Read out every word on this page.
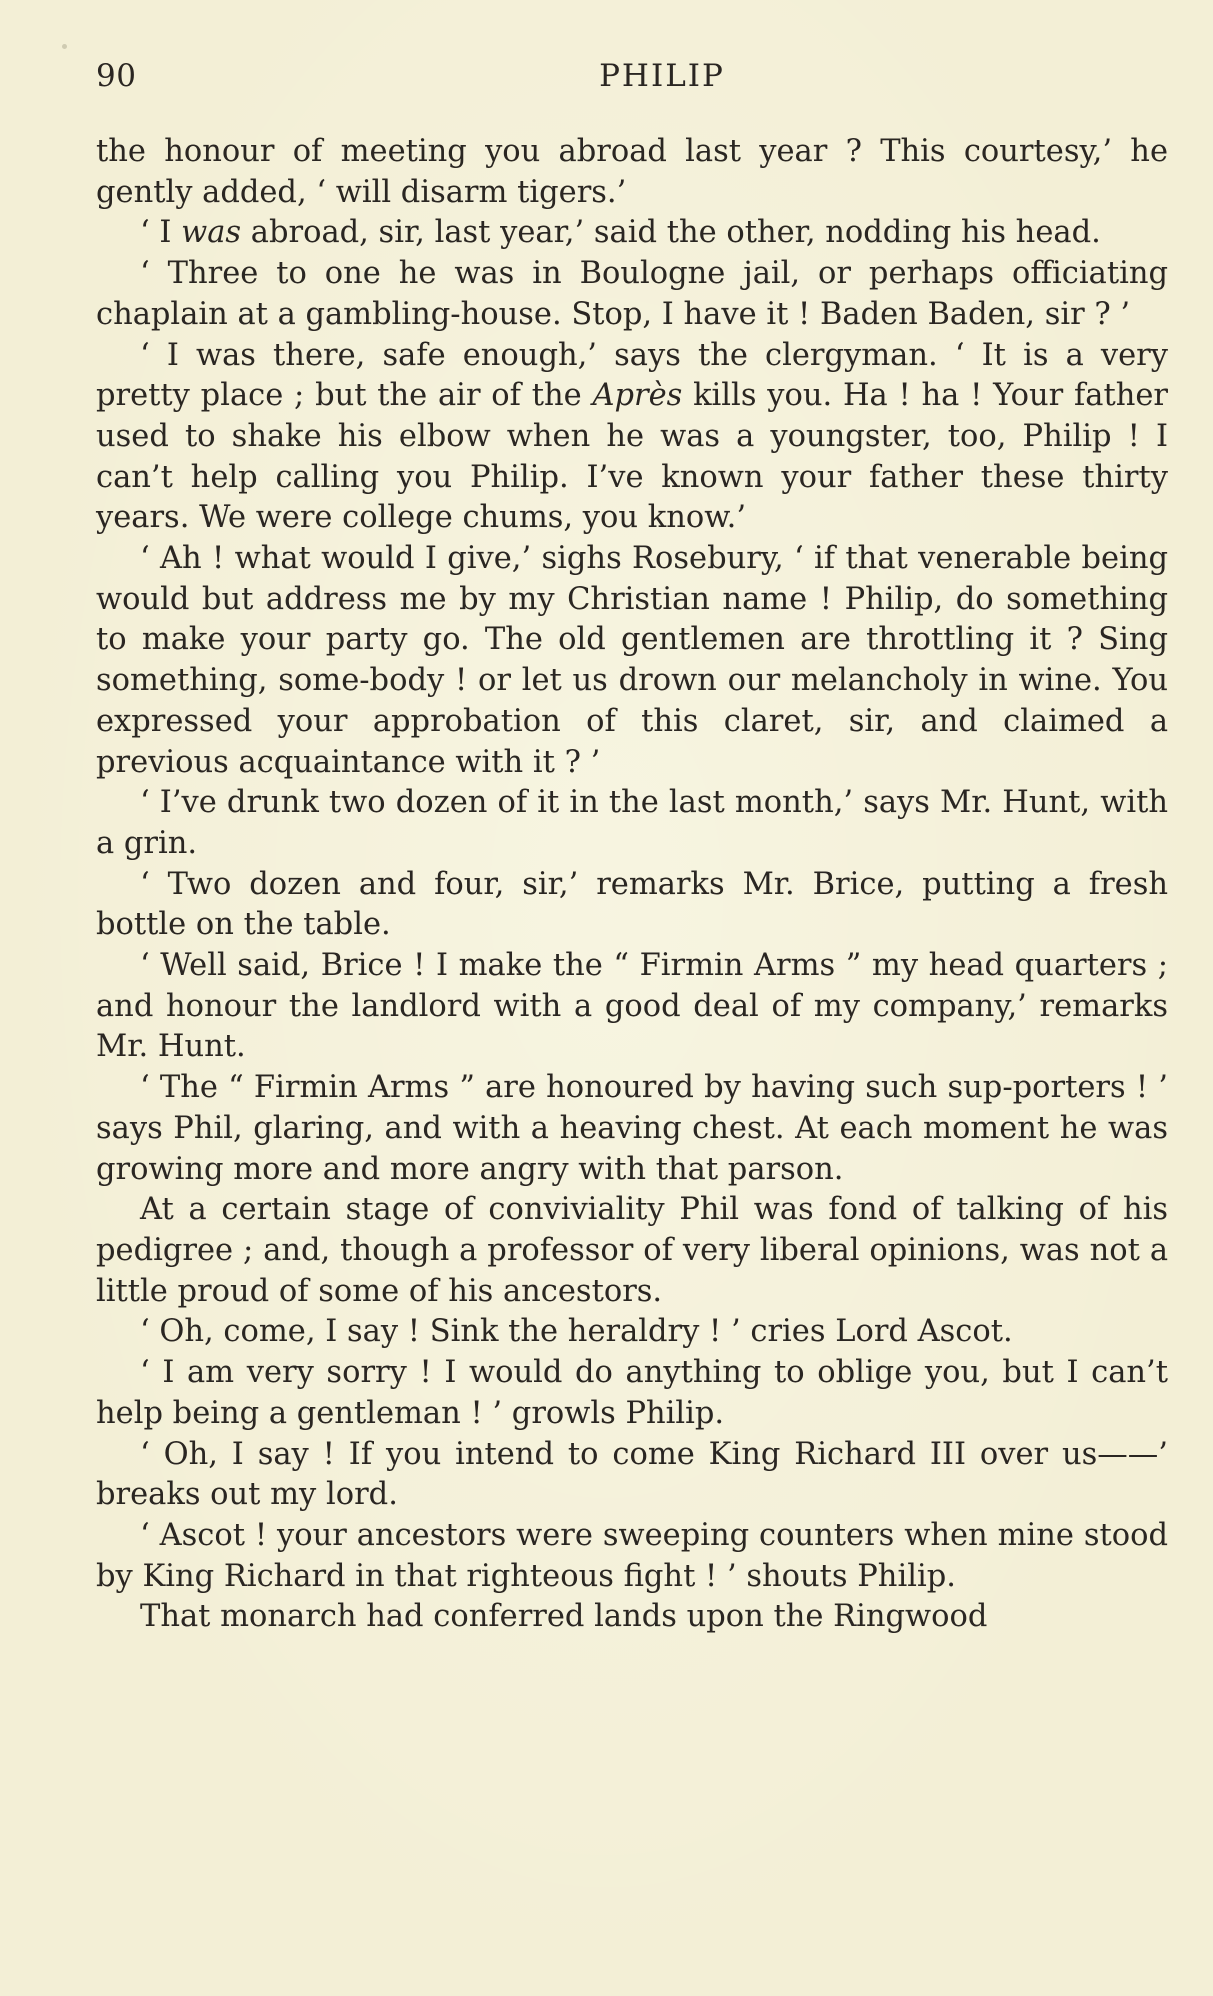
90	PHILIP

the honour of meeting you abroad last year ? This courtesy,’ he gently added, ‘ will disarm tigers.’

‘ I was abroad, sir, last year,’ said the other, nodding his head.

‘ Three to one he was in Boulogne jail, or perhaps officiating chaplain at a gambling-house. Stop, I have it ! Baden Baden, sir ? ’

‘ I was there, safe enough,’ says the clergyman. ‘ It is a very pretty place ; but the air of the Après kills you. Ha ! ha ! Your father used to shake his elbow when he was a youngster, too, Philip ! I can’t help calling you Philip. I’ve known your father these thirty years. We were college chums, you know.’

‘ Ah ! what would I give,’ sighs Rosebury, ‘ if that venerable being would but address me by my Christian name ! Philip, do something to make your party go. The old gentlemen are throttling it ? Sing something, some-body ! or let us drown our melancholy in wine. You expressed your approbation of this claret, sir, and claimed a previous acquaintance with it ? ’

‘ I’ve drunk two dozen of it in the last month,’ says Mr. Hunt, with a grin.

‘ Two dozen and four, sir,’ remarks Mr. Brice, putting a fresh bottle on the table.

‘ Well said, Brice ! I make the “ Firmin Arms ” my head quarters ; and honour the landlord with a good deal of my company,’ remarks Mr. Hunt.

‘ The “ Firmin Arms ” are honoured by having such sup-porters ! ’ says Phil, glaring, and with a heaving chest. At each moment he was growing more and more angry with that parson.

At a certain stage of conviviality Phil was fond of talking of his pedigree ; and, though a professor of very liberal opinions, was not a little proud of some of his ancestors.

‘ Oh, come, I say ! Sink the heraldry ! ’ cries Lord Ascot.

‘ I am very sorry ! I would do anything to oblige you, but I can’t help being a gentleman ! ’ growls Philip.

‘ Oh, I say ! If you intend to come King Richard III over us——’ breaks out my lord.

‘ Ascot ! your ancestors were sweeping counters when mine stood by King Richard in that righteous fight ! ’ shouts Philip.

That monarch had conferred lands upon the Ringwood
